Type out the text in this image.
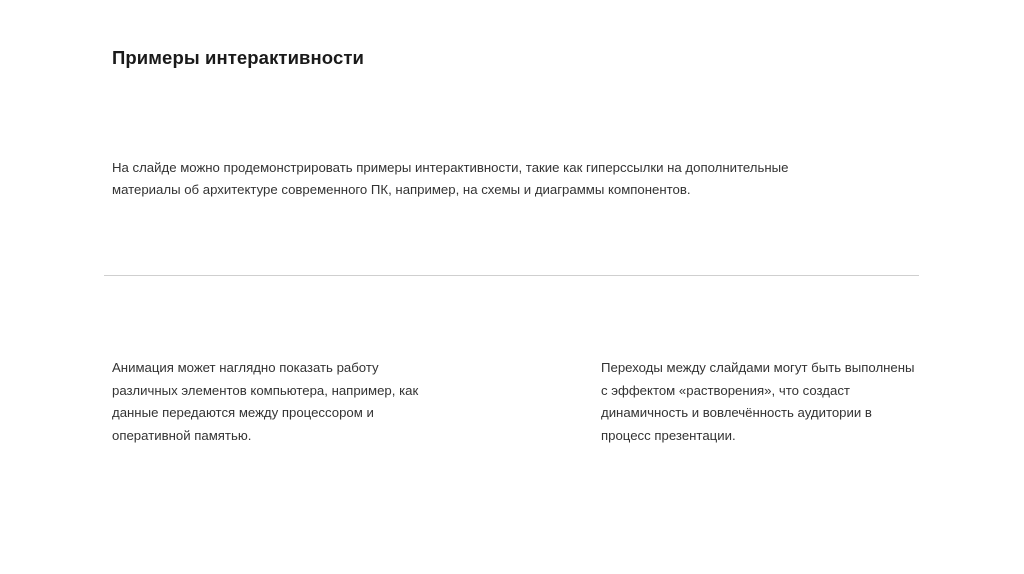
Примеры интерактивности

На слайде можно продемонстрировать примеры интерактивности, такие как гиперссылки на дополнительные
материалы об архитектуре современного ПК, например, на схемы и диаграммы компонентов.

Анимация может наглядно показать работу
различных элементов компьютера, например, как
данные передаются между процессором и
оперативной памятью.

Переходы между слайдами могут быть выполнены
с эффектом «растворения», что создаст
динамичность и вовлечённость аудитории в
процесс презентации.
